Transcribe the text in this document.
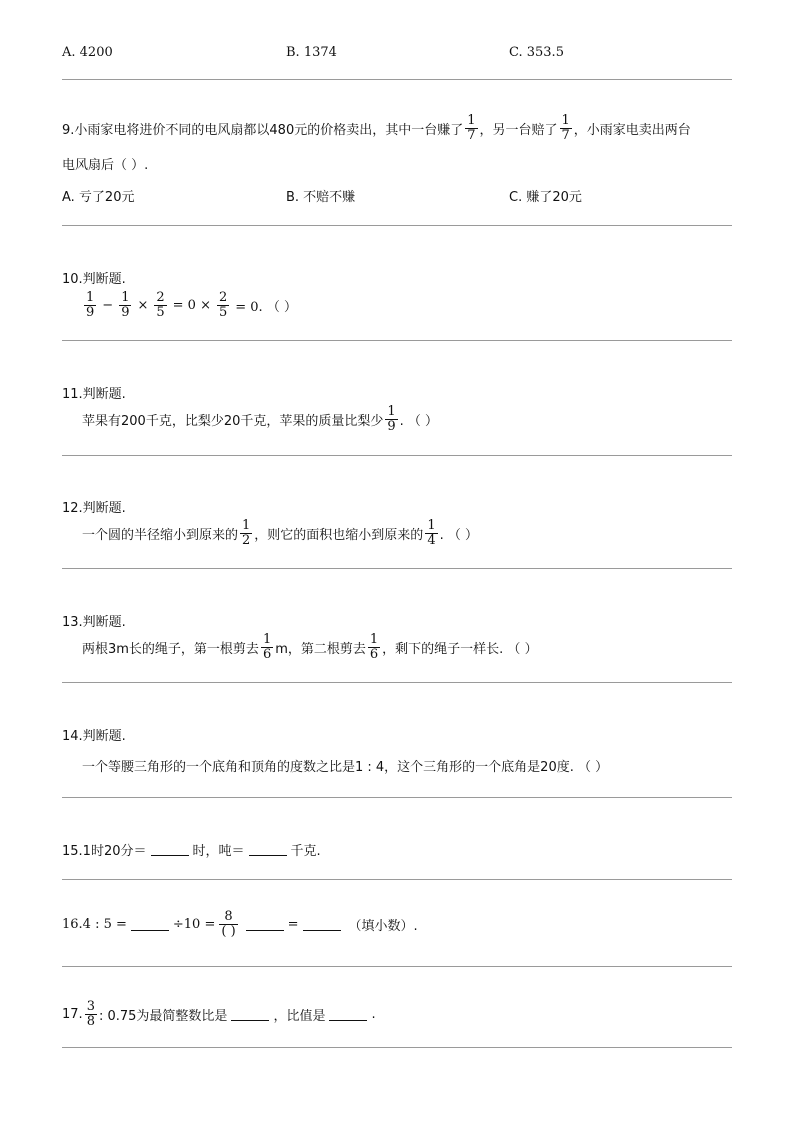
A. 4200	B. 1374	C. 353.5
9.小雨家电将进价不同的电风扇都以480元的价格卖出，其中一台赚了 $\frac{1}{7}$ ，另一台赔了 $\frac{1}{7}$ ，小雨家电卖出两台
电风扇后（ ）.
A. 亏了20元	B. 不赔不赚	C. 赚了20元
10.判断题.
$\frac{1}{9} - \frac{1}{9} \times \frac{2}{5} = 0 \times \frac{2}{5} = 0$. （ ）
11.判断题.
苹果有200千克，比梨少20千克，苹果的质量比梨少 $\frac{1}{9}$ . （ ）
12.判断题.
一个圆的半径缩小到原来的 $\frac{1}{2}$ ，则它的面积也缩小到原来的 $\frac{1}{4}$ . （ ）
13.判断题.
两根3m长的绳子，第一根剪去 $\frac{1}{6}$ m，第二根剪去 $\frac{1}{6}$ ，剩下的绳子一样长. （ ）
14.判断题.
一个等腰三角形的一个底角和顶角的度数之比是1 : 4，这个三角形的一个底角是20度. （ ）
15.1时20分＝	时，吨＝	千克.
16.4 : 5 =	$\div 10 = \frac{8}{( )}$	=	（填小数）.
17. $\frac{3}{8}$ : 0.75为最简整数比是	，比值是	.
